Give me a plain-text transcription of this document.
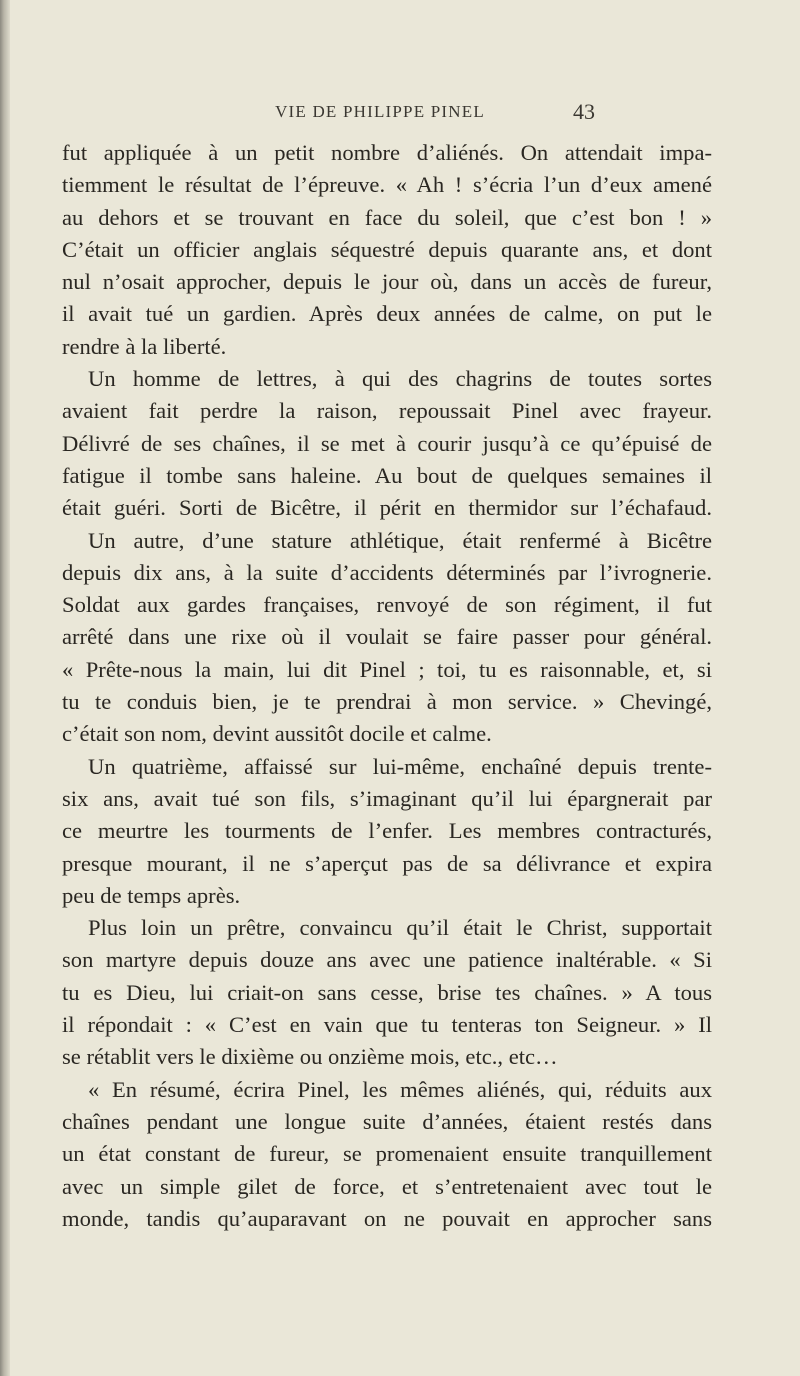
VIE DE PHILIPPE PINEL	43
fut appliquée à un petit nombre d’aliénés. On attendait impa-
tiemment le résultat de l’épreuve. « Ah ! s’écria l’un d’eux amené
au dehors et se trouvant en face du soleil, que c’est bon ! »
C’était un officier anglais séquestré depuis quarante ans, et dont
nul n’osait approcher, depuis le jour où, dans un accès de fureur,
il avait tué un gardien. Après deux années de calme, on put le
rendre à la liberté.
Un homme de lettres, à qui des chagrins de toutes sortes
avaient fait perdre la raison, repoussait Pinel avec frayeur.
Délivré de ses chaînes, il se met à courir jusqu’à ce qu’épuisé de
fatigue il tombe sans haleine. Au bout de quelques semaines il
était guéri. Sorti de Bicêtre, il périt en thermidor sur l’échafaud.
Un autre, d’une stature athlétique, était renfermé à Bicêtre
depuis dix ans, à la suite d’accidents déterminés par l’ivrognerie.
Soldat aux gardes françaises, renvoyé de son régiment, il fut
arrêté dans une rixe où il voulait se faire passer pour général.
« Prête-nous la main, lui dit Pinel ; toi, tu es raisonnable, et, si
tu te conduis bien, je te prendrai à mon service. » Chevingé,
c’était son nom, devint aussitôt docile et calme.
Un quatrième, affaissé sur lui-même, enchaîné depuis trente-
six ans, avait tué son fils, s’imaginant qu’il lui épargnerait par
ce meurtre les tourments de l’enfer. Les membres contracturés,
presque mourant, il ne s’aperçut pas de sa délivrance et expira
peu de temps après.
Plus loin un prêtre, convaincu qu’il était le Christ, supportait
son martyre depuis douze ans avec une patience inaltérable. « Si
tu es Dieu, lui criait-on sans cesse, brise tes chaînes. » A tous
il répondait : « C’est en vain que tu tenteras ton Seigneur. » Il
se rétablit vers le dixième ou onzième mois, etc., etc…
« En résumé, écrira Pinel, les mêmes aliénés, qui, réduits aux
chaînes pendant une longue suite d’années, étaient restés dans
un état constant de fureur, se promenaient ensuite tranquillement
avec un simple gilet de force, et s’entretenaient avec tout le
monde, tandis qu’auparavant on ne pouvait en approcher sans
